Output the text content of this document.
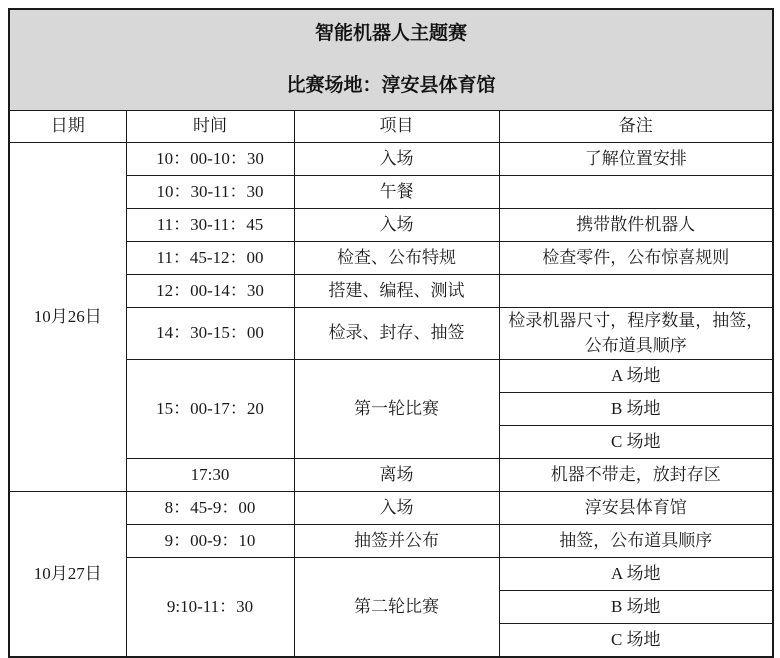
智能机器人主题赛
比赛场地：淳安县体育馆			

日期	时间	项目	备注
10月26日	10：00-10：30	入场	了解位置安排
	10：30-11：30	午餐	
	11：30-11：45	入场	携带散件机器人
	11：45-12：00	检查、公布特规	检查零件，公布惊喜规则
	12：00-14：30	搭建、编程、测试	
	14：30-15：00	检录、封存、抽签	检录机器尺寸，程序数量，抽签，公布道具顺序
	15：00-17：20	第一轮比赛	A 场地
			B 场地
			C 场地
	17:30	离场	机器不带走，放封存区
10月27日	8：45-9：00	入场	淳安县体育馆
	9：00-9：10	抽签并公布	抽签，公布道具顺序
	9:10-11：30	第二轮比赛	A 场地
			B 场地
			C 场地
